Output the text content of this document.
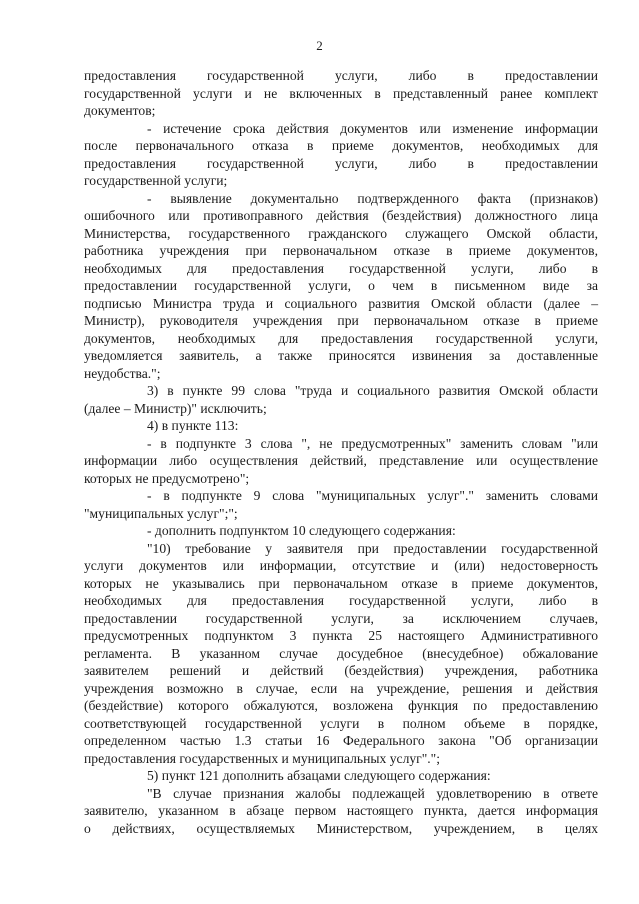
2
предоставления государственной услуги, либо в предоставлении
государственной услуги и не включенных в представленный ранее комплект
документов;
- истечение срока действия документов или изменение информации
после первоначального отказа в приеме документов, необходимых для
предоставления государственной услуги, либо в предоставлении
государственной услуги;
- выявление документально подтвержденного факта (признаков)
ошибочного или противоправного действия (бездействия) должностного лица
Министерства, государственного гражданского служащего Омской области,
работника учреждения при первоначальном отказе в приеме документов,
необходимых для предоставления государственной услуги, либо в
предоставлении государственной услуги, о чем в письменном виде за
подписью Министра труда и социального развития Омской области (далее –
Министр), руководителя учреждения при первоначальном отказе в приеме
документов, необходимых для предоставления государственной услуги,
уведомляется заявитель, а также приносятся извинения за доставленные
неудобства.";
3) в пункте 99 слова "труда и социального развития Омской области
(далее – Министр)" исключить;
4) в пункте 113:
- в подпункте 3 слова ", не предусмотренных" заменить словам "или
информации либо осуществления действий, представление или осуществление
которых не предусмотрено";
- в подпункте 9 слова "муниципальных услуг"." заменить словами
"муниципальных услуг";";
- дополнить подпунктом 10 следующего содержания:
"10) требование у заявителя при предоставлении государственной
услуги документов или информации, отсутствие и (или) недостоверность
которых не указывались при первоначальном отказе в приеме документов,
необходимых для предоставления государственной услуги, либо в
предоставлении государственной услуги, за исключением случаев,
предусмотренных подпунктом 3 пункта 25 настоящего Административного
регламента. В указанном случае досудебное (внесудебное) обжалование
заявителем решений и действий (бездействия) учреждения, работника
учреждения возможно в случае, если на учреждение, решения и действия
(бездействие) которого обжалуются, возложена функция по предоставлению
соответствующей государственной услуги в полном объеме в порядке,
определенном частью 1.3 статьи 16 Федерального закона "Об организации
предоставления государственных и муниципальных услуг".";
5) пункт 121 дополнить абзацами следующего содержания:
"В случае признания жалобы подлежащей удовлетворению в ответе
заявителю, указанном в абзаце первом настоящего пункта, дается информация
о действиях, осуществляемых Министерством, учреждением, в целях
